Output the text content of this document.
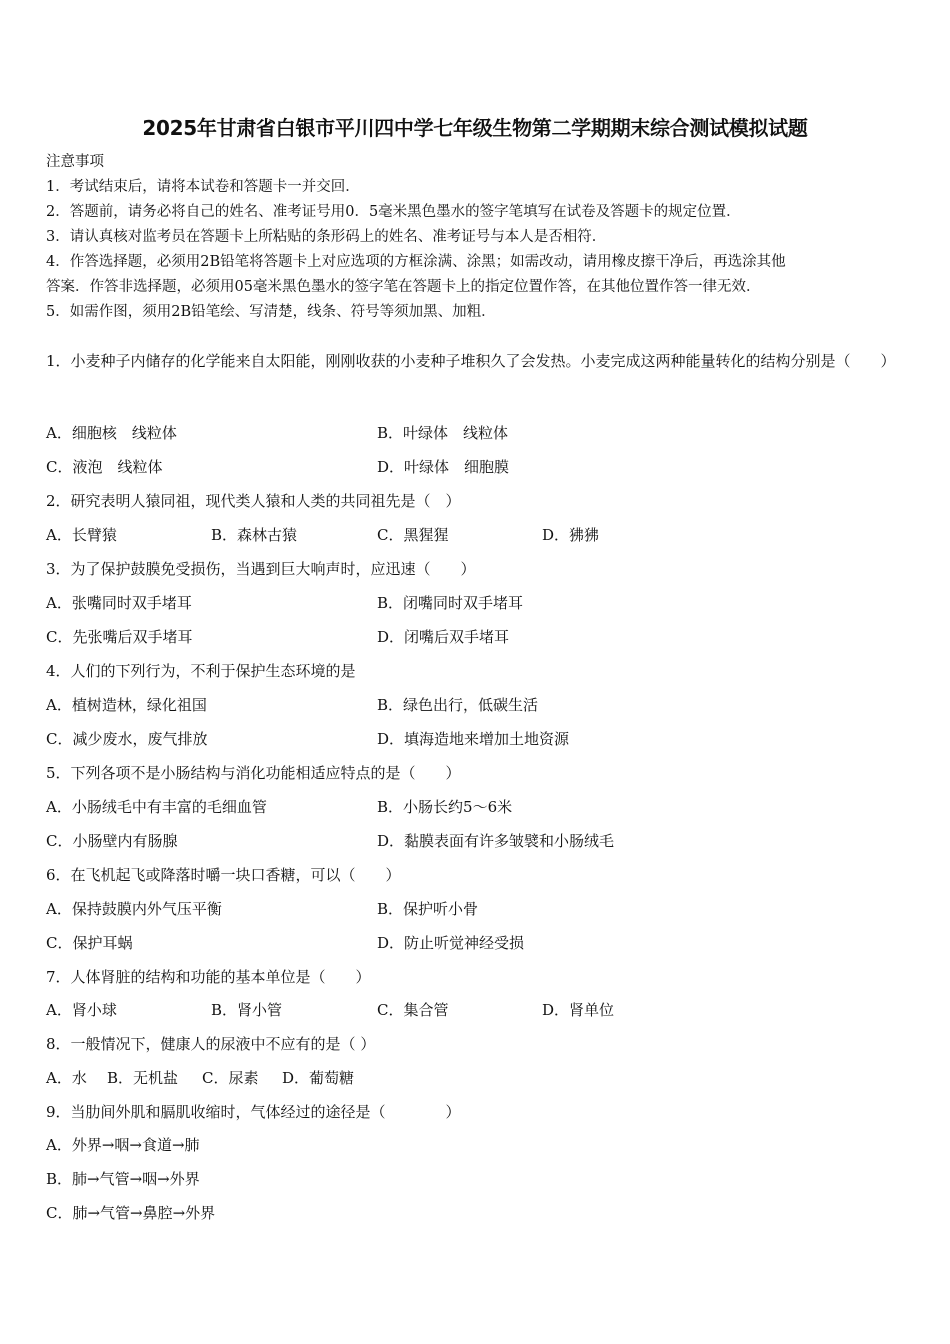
2025年甘肃省白银市平川四中学七年级生物第二学期期末综合测试模拟试题
注意事项
1．考试结束后，请将本试卷和答题卡一并交回．
2．答题前，请务必将自己的姓名、准考证号用0．5毫米黑色墨水的签字笔填写在试卷及答题卡的规定位置．
3．请认真核对监考员在答题卡上所粘贴的条形码上的姓名、准考证号与本人是否相符．
4．作答选择题，必须用2B铅笔将答题卡上对应选项的方框涂满、涂黑；如需改动，请用橡皮擦干净后，再选涂其他
答案．作答非选择题，必须用05毫米黑色墨水的签字笔在答题卡上的指定位置作答，在其他位置作答一律无效．
5．如需作图，须用2B铅笔绘、写清楚，线条、符号等须加黑、加粗．
1．小麦种子内储存的化学能来自太阳能，刚刚收获的小麦种子堆积久了会发热。小麦完成这两种能量转化的结构分别是（　　）
A．细胞核　线粒体	B．叶绿体　线粒体
C．液泡　线粒体	D．叶绿体　细胞膜
2．研究表明人猿同祖，现代类人猿和人类的共同祖先是（　）
A．长臂猿	B．森林古猿	C．黑猩猩	D．狒狒
3．为了保护鼓膜免受损伤，当遇到巨大响声时，应迅速（　　）
A．张嘴同时双手堵耳	B．闭嘴同时双手堵耳
C．先张嘴后双手堵耳	D．闭嘴后双手堵耳
4．人们的下列行为，不利于保护生态环境的是
A．植树造林，绿化祖国	B．绿色出行，低碳生活
C．减少废水，废气排放	D．填海造地来增加土地资源
5．下列各项不是小肠结构与消化功能相适应特点的是（　　）
A．小肠绒毛中有丰富的毛细血管	B．小肠长约5～6米
C．小肠壁内有肠腺	D．黏膜表面有许多皱襞和小肠绒毛
6．在飞机起飞或降落时嚼一块口香糖，可以（　　）
A．保持鼓膜内外气压平衡	B．保护听小骨
C．保护耳蜗	D．防止听觉神经受损
7．人体肾脏的结构和功能的基本单位是（　　）
A．肾小球	B．肾小管	C．集合管	D．肾单位
8．一般情况下，健康人的尿液中不应有的是（ ）
A．水 B．无机盐 C．尿素 D．葡萄糖
9．当肋间外肌和膈肌收缩时，气体经过的途径是（　　　　）
A．外界→咽→食道→肺
B．肺→气管→咽→外界
C．肺→气管→鼻腔→外界
